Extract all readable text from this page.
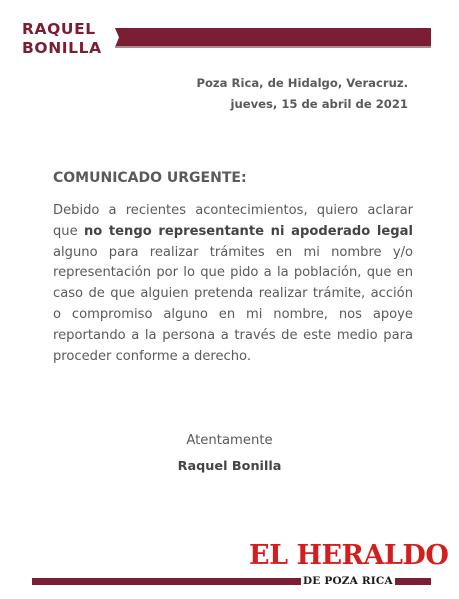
RAQUEL
BONILLA
Poza Rica, de Hidalgo, Veracruz.
jueves, 15 de abril de 2021
COMUNICADO URGENTE:
Debido a recientes acontecimientos, quiero aclarar que no tengo representante ni apoderado legal alguno para realizar trámites en mi nombre y/o representación por lo que pido a la población, que en caso de que alguien pretenda realizar trámite, acción o compromiso alguno en mi nombre, nos apoye reportando a la persona a través de este medio para proceder conforme a derecho.
Atentamente
Raquel Bonilla
EL HERALDO
DE POZA RICA
